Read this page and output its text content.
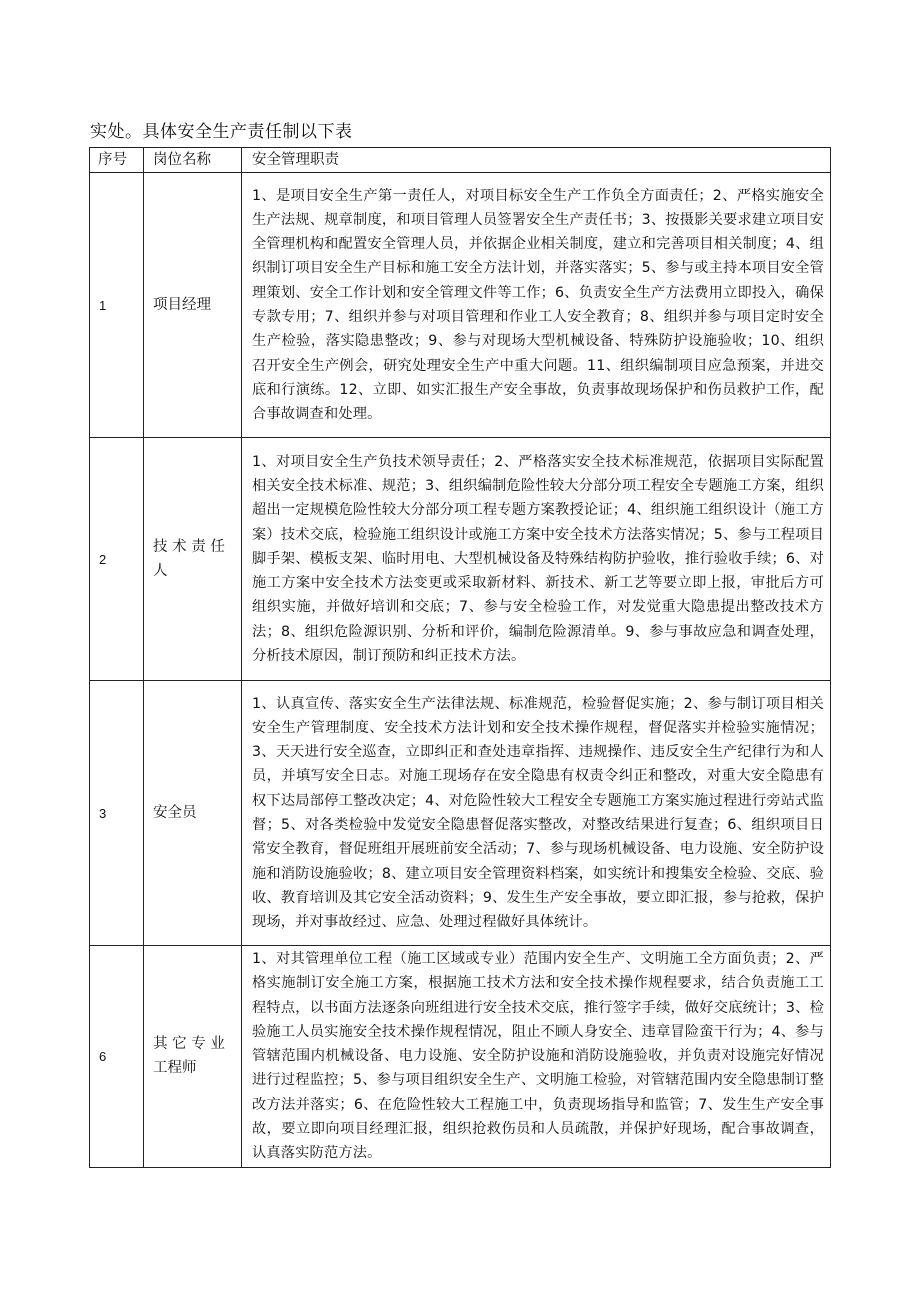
实处。具体安全生产责任制以下表
序号	岗位名称	安全管理职责
1	项目经理	1、是项目安全生产第一责任人，对项目标安全生产工作负全方面责任；2、严格实施安全生产法规、规章制度，和项目管理人员签署安全生产责任书；3、按摄影关要求建立项目安全管理机构和配置安全管理人员，并依据企业相关制度，建立和完善项目相关制度；4、组织制订项目安全生产目标和施工安全方法计划，并落实落实；5、参与或主持本项目安全管理策划、安全工作计划和安全管理文件等工作；6、负责安全生产方法费用立即投入，确保专款专用；7、组织并参与对项目管理和作业工人安全教育；8、组织并参与项目定时安全生产检验，落实隐患整改；9、参与对现场大型机械设备、特殊防护设施验收；10、组织召开安全生产例会，研究处理安全生产中重大问题。11、组织编制项目应急预案，并进交底和行演练。12、立即、如实汇报生产安全事故，负责事故现场保护和伤员救护工作，配合事故调查和处理。
2	技 术 责 任 人	1、对项目安全生产负技术领导责任；2、严格落实安全技术标准规范，依据项目实际配置相关安全技术标准、规范；3、组织编制危险性较大分部分项工程安全专题施工方案，组织超出一定规模危险性较大分部分项工程专题方案教授论证；4、组织施工组织设计（施工方案）技术交底，检验施工组织设计或施工方案中安全技术方法落实情况；5、参与工程项目脚手架、模板支架、临时用电、大型机械设备及特殊结构防护验收，推行验收手续；6、对施工方案中安全技术方法变更或采取新材料、新技术、新工艺等要立即上报，审批后方可组织实施，并做好培训和交底；7、参与安全检验工作，对发觉重大隐患提出整改技术方法；8、组织危险源识别、分析和评价，编制危险源清单。9、参与事故应急和调查处理，分析技术原因，制订预防和纠正技术方法。
3	安全员	1、认真宣传、落实安全生产法律法规、标准规范，检验督促实施；2、参与制订项目相关安全生产管理制度、安全技术方法计划和安全技术操作规程，督促落实并检验实施情况；3、天天进行安全巡查，立即纠正和查处违章指挥、违规操作、违反安全生产纪律行为和人员，并填写安全日志。对施工现场存在安全隐患有权责令纠正和整改，对重大安全隐患有权下达局部停工整改决定；4、对危险性较大工程安全专题施工方案实施过程进行旁站式监督；5、对各类检验中发觉安全隐患督促落实整改，对整改结果进行复查；6、组织项目日常安全教育，督促班组开展班前安全活动；7、参与现场机械设备、电力设施、安全防护设施和消防设施验收；8、建立项目安全管理资料档案，如实统计和搜集安全检验、交底、验收、教育培训及其它安全活动资料；9、发生生产安全事故，要立即汇报，参与抢救，保护现场，并对事故经过、应急、处理过程做好具体统计。
6	其 它 专 业 工程师	1、对其管理单位工程（施工区域或专业）范围内安全生产、文明施工全方面负责；2、严格实施制订安全施工方案，根据施工技术方法和安全技术操作规程要求，结合负责施工工程特点，以书面方法逐条向班组进行安全技术交底，推行签字手续，做好交底统计；3、检验施工人员实施安全技术操作规程情况，阻止不顾人身安全、违章冒险蛮干行为；4、参与管辖范围内机械设备、电力设施、安全防护设施和消防设施验收，并负责对设施完好情况进行过程监控；5、参与项目组织安全生产、文明施工检验，对管辖范围内安全隐患制订整改方法并落实；6、在危险性较大工程施工中，负责现场指导和监管；7、发生生产安全事故，要立即向项目经理汇报，组织抢救伤员和人员疏散，并保护好现场，配合事故调查，认真落实防范方法。
